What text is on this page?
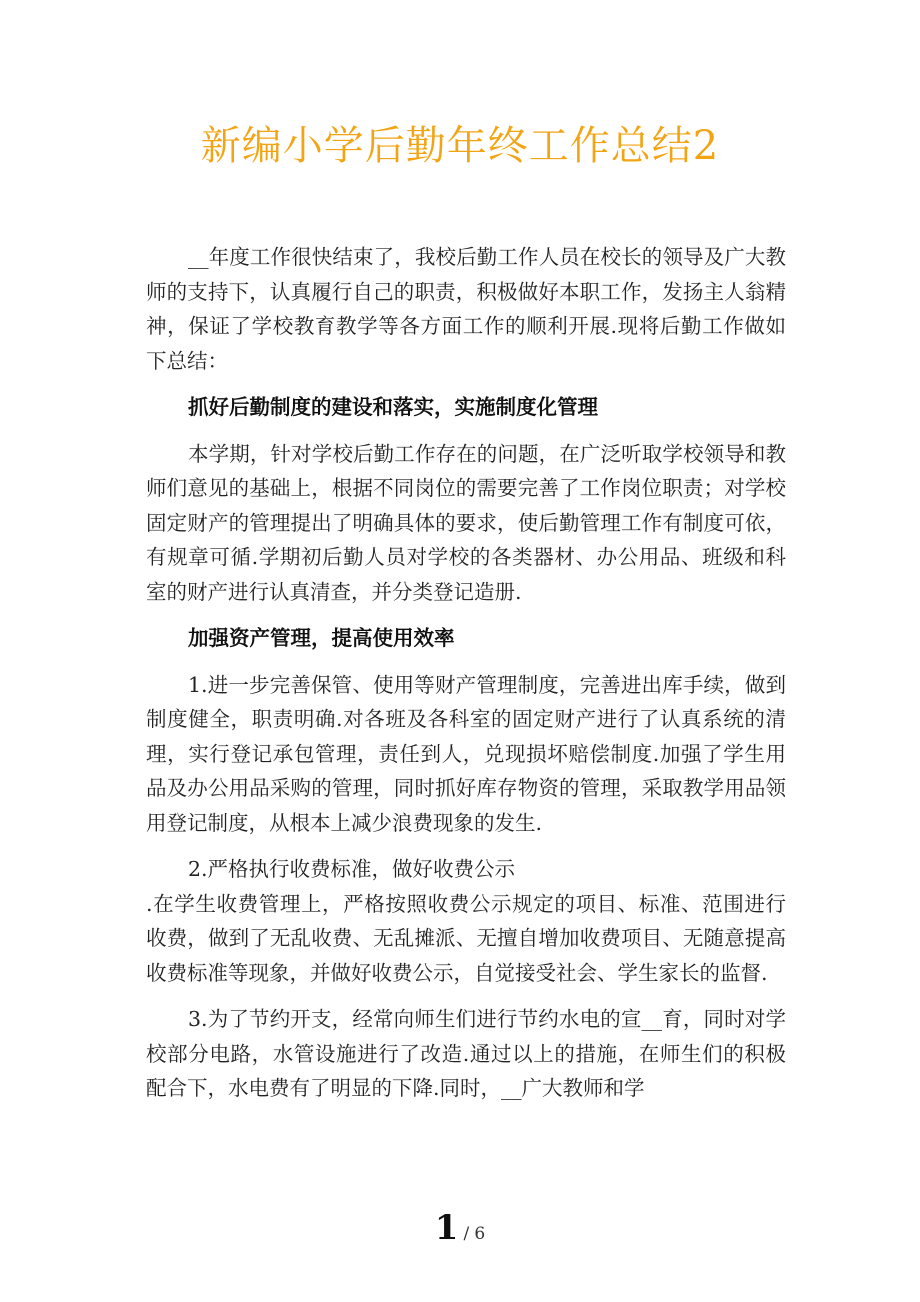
新编小学后勤年终工作总结2

__年度工作很快结束了，我校后勤工作人员在校长的领导及广大教师的支持下，认真履行自己的职责，积极做好本职工作，发扬主人翁精神，保证了学校教育教学等各方面工作的顺利开展.现将后勤工作做如下总结：

抓好后勤制度的建设和落实，实施制度化管理

本学期，针对学校后勤工作存在的问题，在广泛听取学校领导和教师们意见的基础上，根据不同岗位的需要完善了工作岗位职责；对学校固定财产的管理提出了明确具体的要求，使后勤管理工作有制度可依，有规章可循.学期初后勤人员对学校的各类器材、办公用品、班级和科室的财产进行认真清查，并分类登记造册.

加强资产管理，提高使用效率

1.进一步完善保管、使用等财产管理制度，完善进出库手续，做到制度健全，职责明确.对各班及各科室的固定财产进行了认真系统的清理，实行登记承包管理，责任到人，兑现损坏赔偿制度.加强了学生用品及办公用品采购的管理，同时抓好库存物资的管理，采取教学用品领用登记制度，从根本上减少浪费现象的发生.

2.严格执行收费标准，做好收费公示

.在学生收费管理上，严格按照收费公示规定的项目、标准、范围进行收费，做到了无乱收费、无乱摊派、无擅自增加收费项目、无随意提高收费标准等现象，并做好收费公示，自觉接受社会、学生家长的监督.

3.为了节约开支，经常向师生们进行节约水电的宣__育，同时对学校部分电路，水管设施进行了改造.通过以上的措施，在师生们的积极配合下，水电费有了明显的下降.同时，__广大教师和学

1 / 6
